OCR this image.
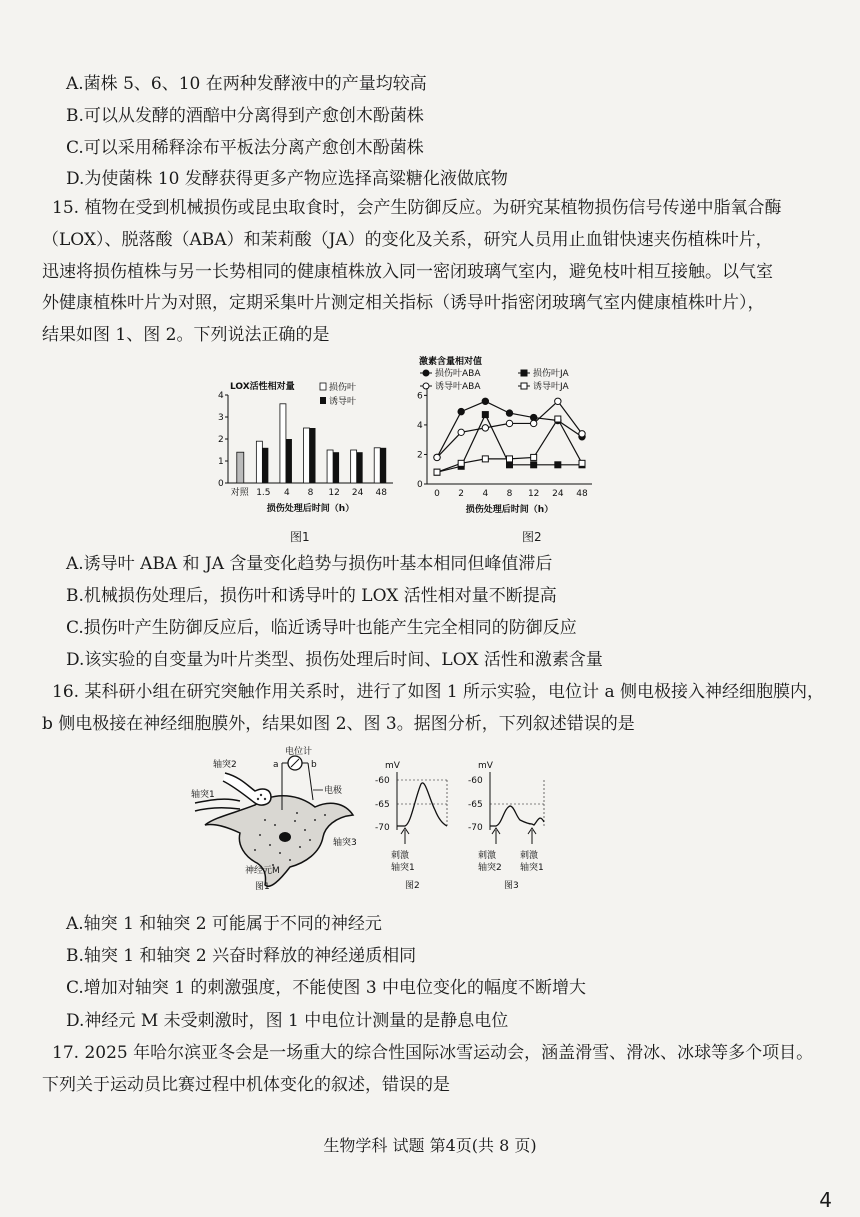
A.菌株 5、6、10 在两种发酵液中的产量均较高
B.可以从发酵的酒醅中分离得到产愈创木酚菌株
C.可以采用稀释涂布平板法分离产愈创木酚菌株
D.为使菌株 10 发酵获得更多产物应选择高粱糖化液做底物
15. 植物在受到机械损伤或昆虫取食时，会产生防御反应。为研究某植物损伤信号传递中脂氧合酶
（LOX）、脱落酸（ABA）和茉莉酸（JA）的变化及关系，研究人员用止血钳快速夹伤植株叶片，
迅速将损伤植株与另一长势相同的健康植株放入同一密闭玻璃气室内，避免枝叶相互接触。以气室
外健康植株叶片为对照，定期采集叶片测定相关指标（诱导叶指密闭玻璃气室内健康植株叶片），
结果如图 1、图 2。下列说法正确的是
LOX活性相对量	损伤叶
诱导叶
0
1
2
3
4
对照 1.5 4 8 12 24 48
损伤处理后时间（h）
图1
激素含量相对值
损伤叶ABA	损伤叶JA
诱导叶ABA	诱导叶JA
0
2
4
6
0 2 4 8 12 24 48
损伤处理后时间（h）
图2
A.诱导叶 ABA 和 JA 含量变化趋势与损伤叶基本相同但峰值滞后
B.机械损伤处理后，损伤叶和诱导叶的 LOX 活性相对量不断提高
C.损伤叶产生防御反应后，临近诱导叶也能产生完全相同的防御反应
D.该实验的自变量为叶片类型、损伤处理后时间、LOX 活性和激素含量
16. 某科研小组在研究突触作用关系时，进行了如图 1 所示实验，电位计 a 侧电极接入神经细胞膜内，
b 侧电极接在神经细胞膜外，结果如图 2、图 3。据图分析，下列叙述错误的是
电位计
a	b
电极
轴突2
轴突1
轴突3
神经元M
图1
mV
-60
-65
-70
刺激
轴突1
图2
mV
-60
-65
-70
刺激
轴突2
刺激
轴突1
图3
A.轴突 1 和轴突 2 可能属于不同的神经元
B.轴突 1 和轴突 2 兴奋时释放的神经递质相同
C.增加对轴突 1 的刺激强度，不能使图 3 中电位变化的幅度不断增大
D.神经元 M 未受刺激时，图 1 中电位计测量的是静息电位
17. 2025 年哈尔滨亚冬会是一场重大的综合性国际冰雪运动会，涵盖滑雪、滑冰、冰球等多个项目。
下列关于运动员比赛过程中机体变化的叙述，错误的是
生物学科 试题 第4页(共 8 页)
4
